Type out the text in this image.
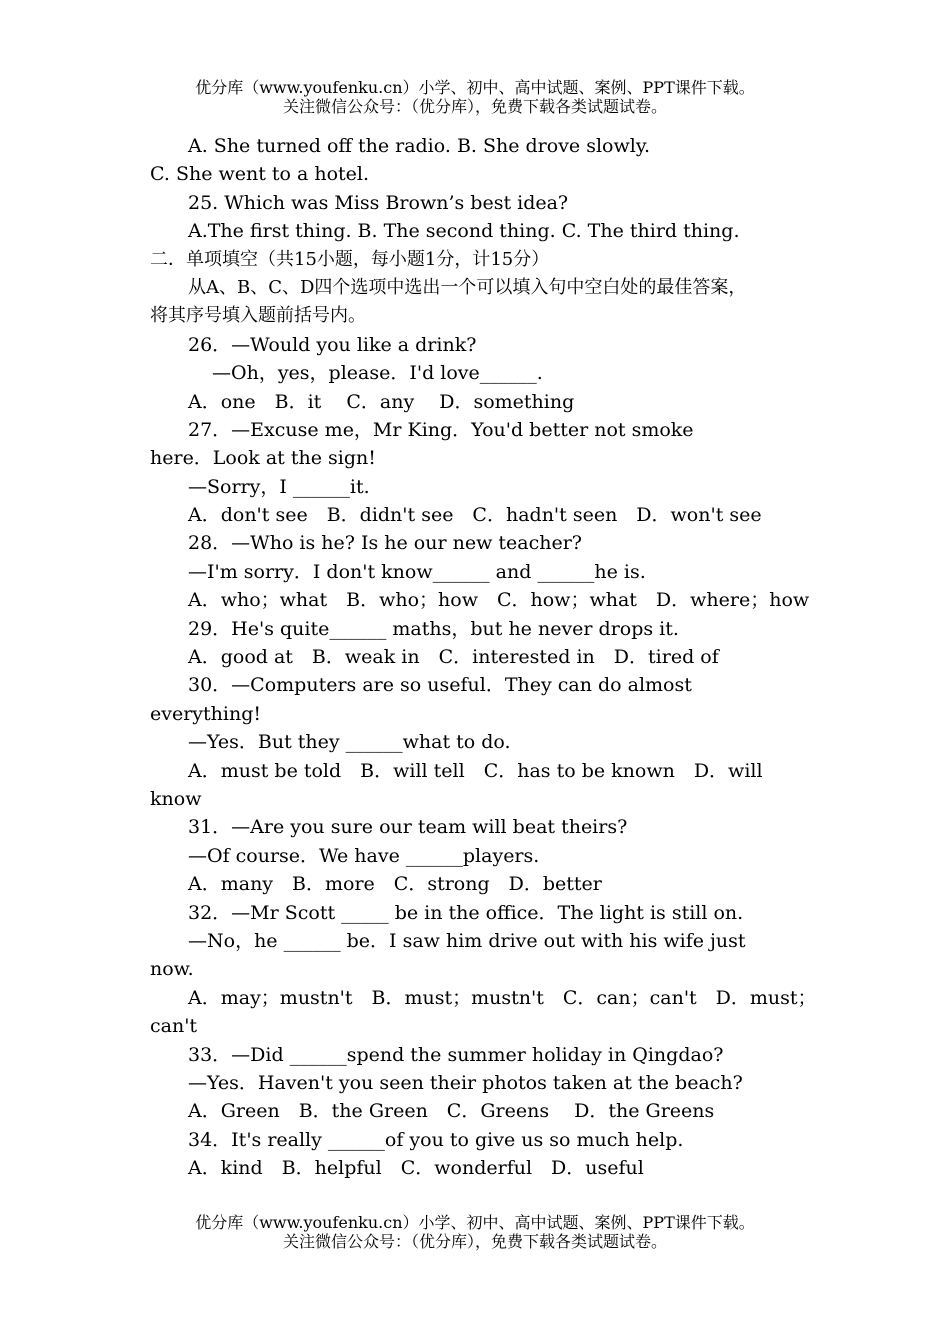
优分库（www.youfenku.cn）小学、初中、高中试题、案例、PPT课件下载。
关注微信公众号：（优分库），免费下载各类试题试卷。
A. She turned off the radio. B. She drove slowly.
C. She went to a hotel.
25. Which was Miss Brown’s best idea?
A.The first thing. B. The second thing. C. The third thing.
二．单项填空（共15小题，每小题1分，计15分）
从A、B、C、D四个选项中选出一个可以填入句中空白处的最佳答案，
将其序号填入题前括号内。
26．—Would you like a drink?
—Oh，yes，please．I'd love______.
A．one　B．it　 C．any　 D．something
27．—Excuse me，Mr King．You'd better not smoke
here．Look at the sign!
—Sorry，I ______it.
A．don't see　B．didn't see　C．hadn't seen　D．won't see
28．—Who is he? Is he our new teacher?
—I'm sorry．I don't know______ and ______he is.
A．who；what　B．who；how　C．how；what　D．where；how
29．He's quite______ maths，but he never drops it.
A．good at　B．weak in　C．interested in　D．tired of
30．—Computers are so useful．They can do almost
everything!
—Yes．But they ______what to do.
A．must be told　B．will tell　C．has to be known　D．will
know
31．—Are you sure our team will beat theirs?
—Of course．We have ______players.
A．many　B．more　C．strong　D．better
32．—Mr Scott _____ be in the office．The light is still on.
—No，he ______ be．I saw him drive out with his wife just
now.
A．may；mustn't　B．must；mustn't　C．can；can't　D．must；
can't
33．—Did ______spend the summer holiday in Qingdao?
—Yes．Haven't you seen their photos taken at the beach?
A．Green　B．the Green　C．Greens　 D．the Greens
34．It's really ______of you to give us so much help.
A．kind　B．helpful　C．wonderful　D．useful
优分库（www.youfenku.cn）小学、初中、高中试题、案例、PPT课件下载。
关注微信公众号：（优分库），免费下载各类试题试卷。
